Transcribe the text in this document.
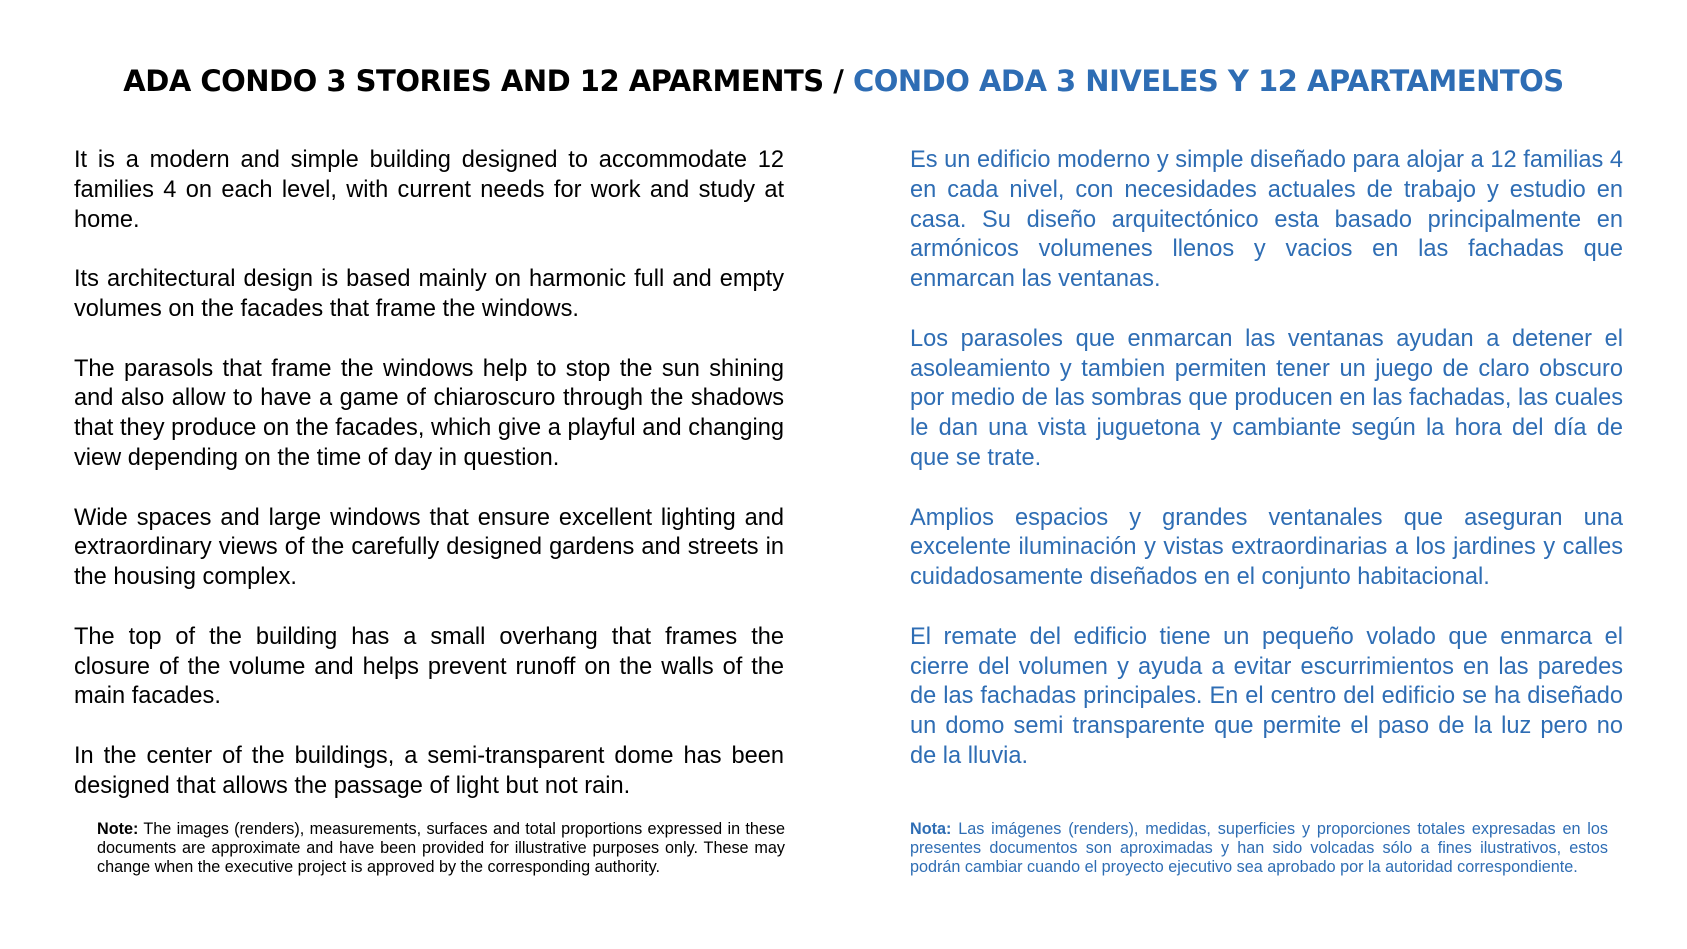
ADA CONDO 3 STORIES AND 12 APARMENTS / CONDO ADA 3 NIVELES Y 12 APARTAMENTOS

It is a modern and simple building designed to accommodate 12 families 4 on each level, with current needs for work and study at home.

Its architectural design is based mainly on harmonic full and empty volumes on the facades that frame the windows.

The parasols that frame the windows help to stop the sun shining and also allow to have a game of chiaroscuro through the shadows that they produce on the facades, which give a playful and changing view depending on the time of day in question.

Wide spaces and large windows that ensure excellent lighting and extraordinary views of the carefully designed gardens and streets in the housing complex.

The top of the building has a small overhang that frames the closure of the volume and helps prevent runoff on the walls of the main facades.

In the center of the buildings, a semi-transparent dome has been designed that allows the passage of light but not rain.

Es un edificio moderno y simple diseñado para alojar a 12 familias 4 en cada nivel, con necesidades actuales de trabajo y estudio en casa. Su diseño arquitectónico esta basado principalmente en armónicos volumenes llenos y vacios en las fachadas que enmarcan las ventanas.

Los parasoles que enmarcan las ventanas ayudan a detener el asoleamiento y tambien permiten tener un juego de claro obscuro por medio de las sombras que producen en las fachadas, las cuales le dan una vista juguetona y cambiante según la hora del día de que se trate.

Amplios espacios y grandes ventanales que aseguran una excelente iluminación y vistas extraordinarias a los jardines y calles cuidadosamente diseñados en el conjunto habitacional.

El remate del edificio tiene un pequeño volado que enmarca el cierre del volumen y ayuda a evitar escurrimientos en las paredes de las fachadas principales. En el centro del edificio se ha diseñado un domo semi transparente que permite el paso de la luz pero no de la lluvia.

Note: The images (renders), measurements, surfaces and total proportions expressed in these documents are approximate and have been provided for illustrative purposes only. These may change when the executive project is approved by the corresponding authority.
Nota: Las imágenes (renders), medidas, superficies y proporciones totales expresadas en los presentes documentos son aproximadas y han sido volcadas sólo a fines ilustrativos, estos podrán cambiar cuando el proyecto ejecutivo sea aprobado por la autoridad correspondiente.
